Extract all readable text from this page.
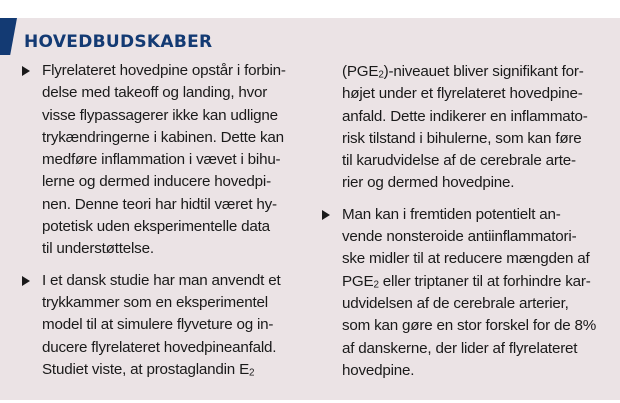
HOVEDBUDSKABER
Flyrelateret hovedpine opstår i forbin-
delse med takeoff og landing, hvor
visse flypassagerer ikke kan udligne
trykændringerne i kabinen. Dette kan
medføre inflammation i vævet i bihu-
lerne og dermed inducere hovedpi-
nen. Denne teori har hidtil været hy-
potetisk uden eksperimentelle data
til understøttelse.
I et dansk studie har man anvendt et
trykkammer som en eksperimentel
model til at simulere flyveture og in-
ducere flyrelateret hovedpineanfald.
Studiet viste, at prostaglandin $E_2$
$(PGE_2)$-niveauet bliver signifikant for-
højet under et flyrelateret hovedpine-
anfald. Dette indikerer en inflammato-
risk tilstand i bihulerne, som kan føre
til karudvidelse af de cerebrale arte-
rier og dermed hovedpine.
Man kan i fremtiden potentielt an-
vende nonsteroide antiinflammatori-
ske midler til at reducere mængden af
$PGE_2$ eller triptaner til at forhindre kar-
udvidelsen af de cerebrale arterier,
som kan gøre en stor forskel for de 8%
af danskerne, der lider af flyrelateret
hovedpine.
